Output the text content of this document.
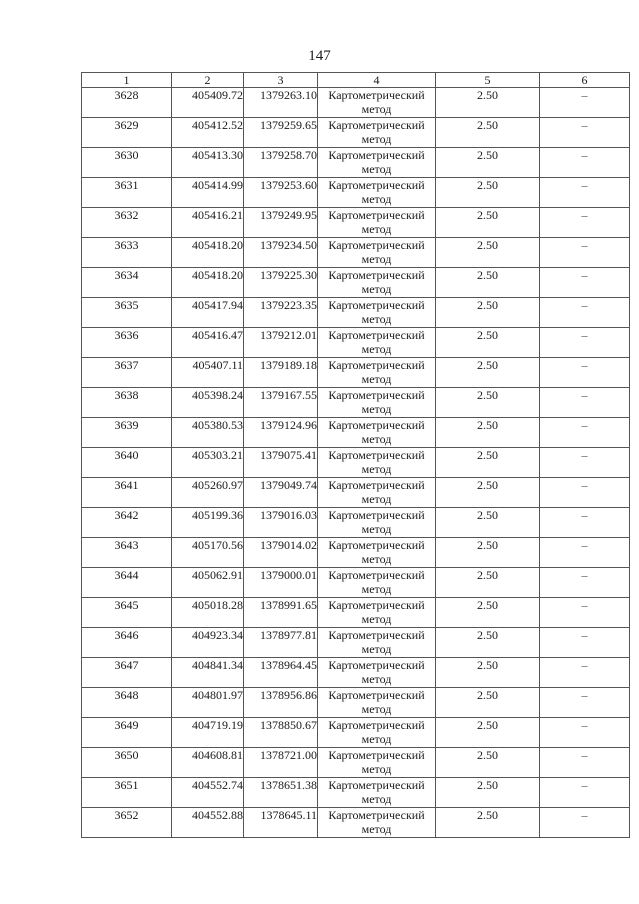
147
1	2	3	4	5	6
3628	405409.72	1379263.10	Картометрический метод	2.50	–
3629	405412.52	1379259.65	Картометрический метод	2.50	–
3630	405413.30	1379258.70	Картометрический метод	2.50	–
3631	405414.99	1379253.60	Картометрический метод	2.50	–
3632	405416.21	1379249.95	Картометрический метод	2.50	–
3633	405418.20	1379234.50	Картометрический метод	2.50	–
3634	405418.20	1379225.30	Картометрический метод	2.50	–
3635	405417.94	1379223.35	Картометрический метод	2.50	–
3636	405416.47	1379212.01	Картометрический метод	2.50	–
3637	405407.11	1379189.18	Картометрический метод	2.50	–
3638	405398.24	1379167.55	Картометрический метод	2.50	–
3639	405380.53	1379124.96	Картометрический метод	2.50	–
3640	405303.21	1379075.41	Картометрический метод	2.50	–
3641	405260.97	1379049.74	Картометрический метод	2.50	–
3642	405199.36	1379016.03	Картометрический метод	2.50	–
3643	405170.56	1379014.02	Картометрический метод	2.50	–
3644	405062.91	1379000.01	Картометрический метод	2.50	–
3645	405018.28	1378991.65	Картометрический метод	2.50	–
3646	404923.34	1378977.81	Картометрический метод	2.50	–
3647	404841.34	1378964.45	Картометрический метод	2.50	–
3648	404801.97	1378956.86	Картометрический метод	2.50	–
3649	404719.19	1378850.67	Картометрический метод	2.50	–
3650	404608.81	1378721.00	Картометрический метод	2.50	–
3651	404552.74	1378651.38	Картометрический метод	2.50	–
3652	404552.88	1378645.11	Картометрический метод	2.50	–
